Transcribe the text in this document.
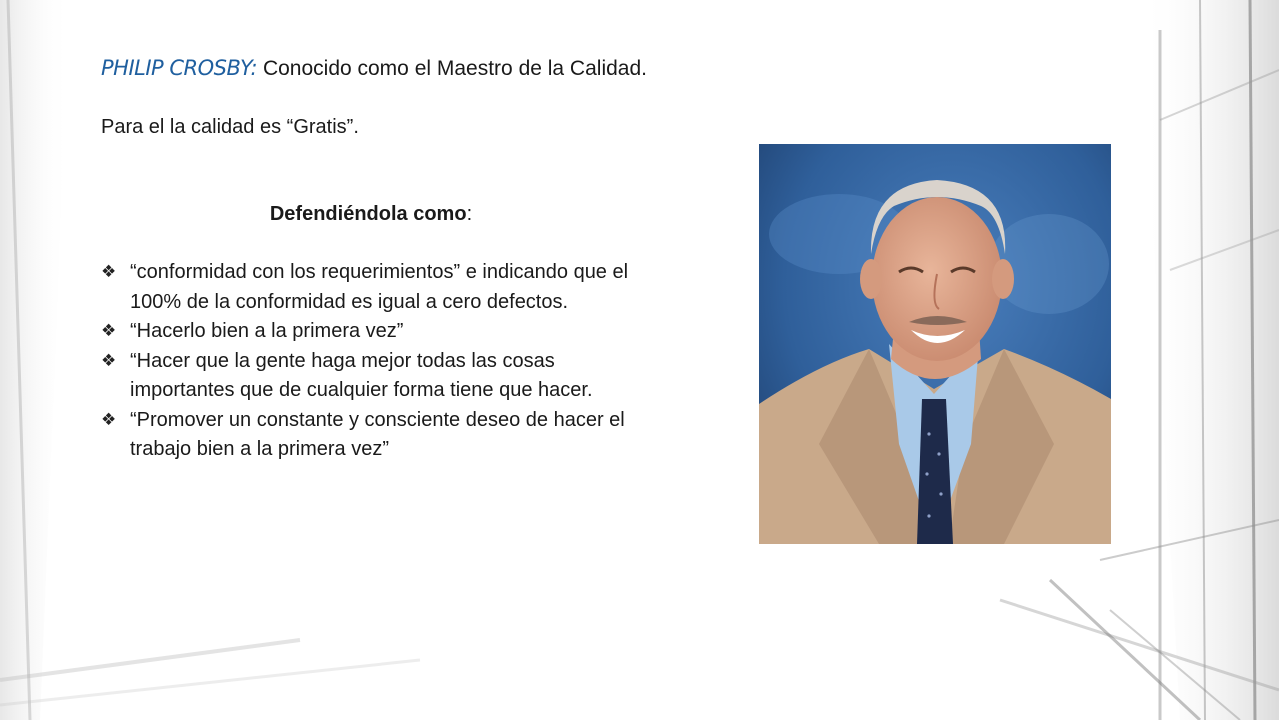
PHILIP CROSBY: Conocido como el Maestro de la Calidad.
Para el la calidad es “Gratis”.
Defendiéndola como:
❖ “conformidad con los requerimientos” e indicando que el 100% de la conformidad es igual a cero defectos.
❖ “Hacerlo bien a la primera vez”
❖ “Hacer que la gente haga mejor todas las cosas importantes que de cualquier forma tiene que hacer.
❖ “Promover un constante y consciente deseo de hacer el trabajo bien a la primera vez”
